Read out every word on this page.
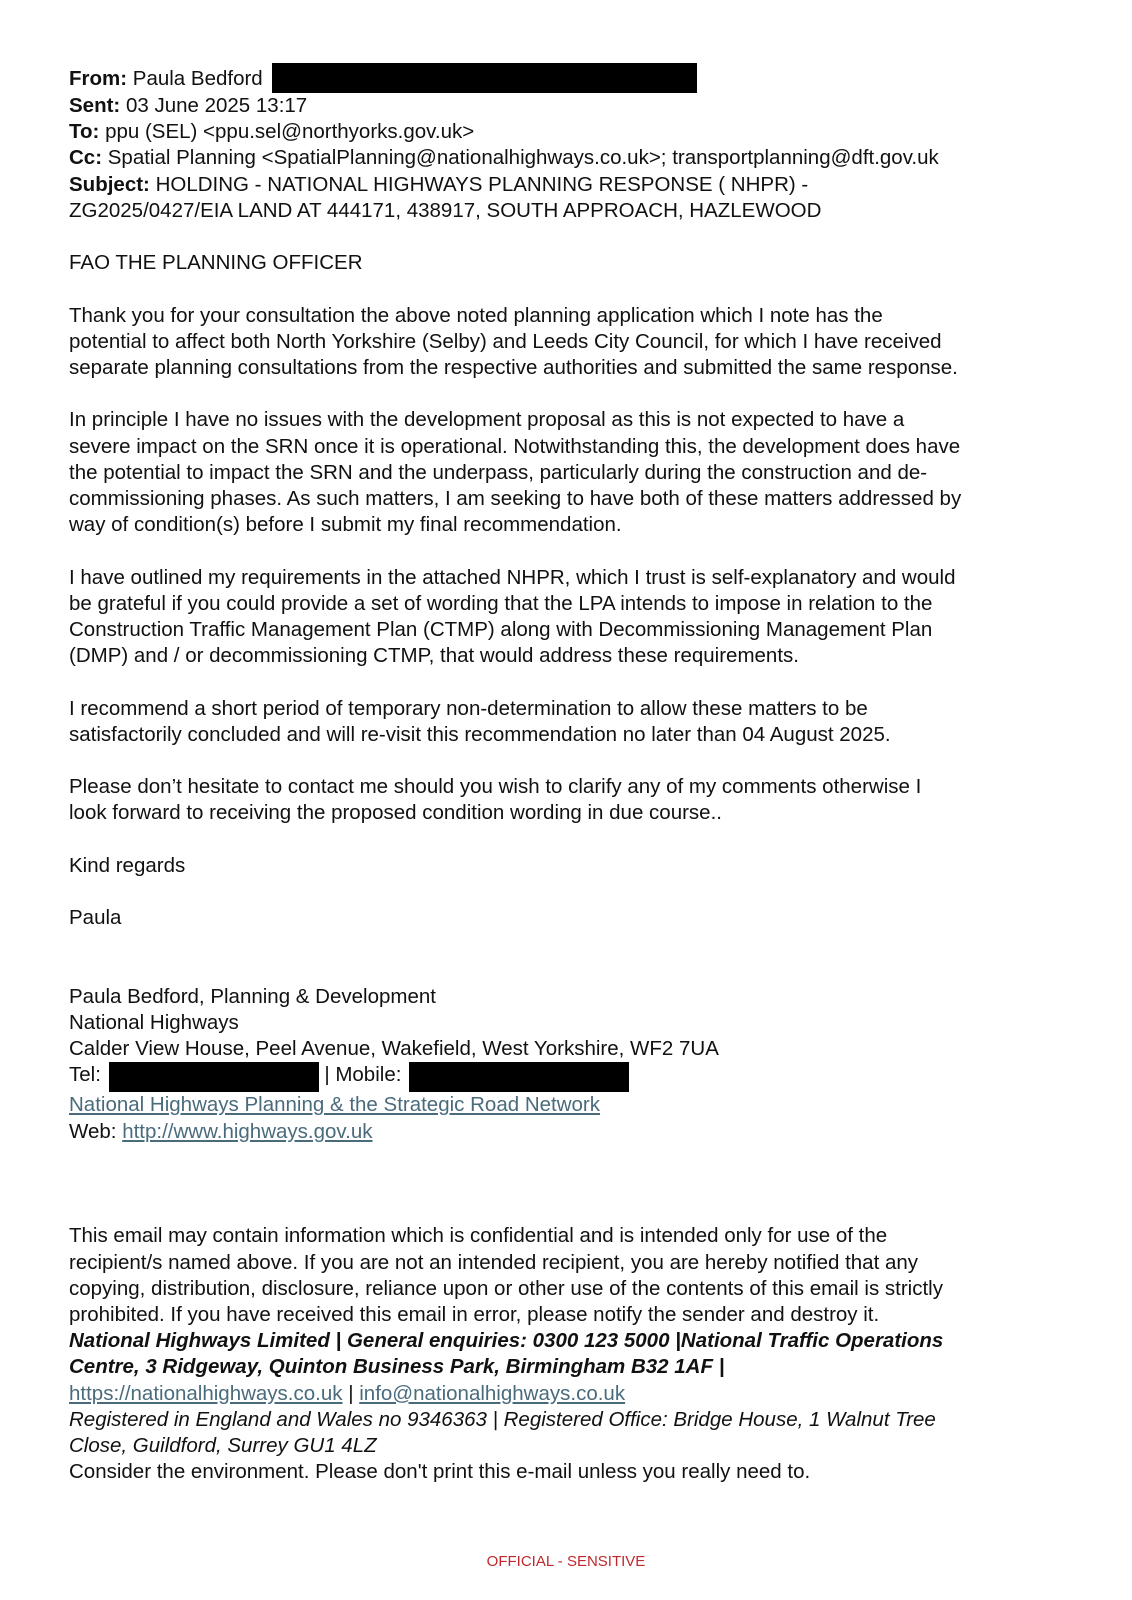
From: Paula Bedford
Sent: 03 June 2025 13:17
To: ppu (SEL) <ppu.sel@northyorks.gov.uk>
Cc: Spatial Planning <SpatialPlanning@nationalhighways.co.uk>; transportplanning@dft.gov.uk
Subject: HOLDING - NATIONAL HIGHWAYS PLANNING RESPONSE ( NHPR) -
ZG2025/0427/EIA LAND AT 444171, 438917, SOUTH APPROACH, HAZLEWOOD
FAO THE PLANNING OFFICER
Thank you for your consultation the above noted planning application which I note has the
potential to affect both North Yorkshire (Selby) and Leeds City Council, for which I have received
separate planning consultations from the respective authorities and submitted the same response.
In principle I have no issues with the development proposal as this is not expected to have a
severe impact on the SRN once it is operational. Notwithstanding this, the development does have
the potential to impact the SRN and the underpass, particularly during the construction and de-
commissioning phases. As such matters, I am seeking to have both of these matters addressed by
way of condition(s) before I submit my final recommendation.
I have outlined my requirements in the attached NHPR, which I trust is self-explanatory and would
be grateful if you could provide a set of wording that the LPA intends to impose in relation to the
Construction Traffic Management Plan (CTMP) along with Decommissioning Management Plan
(DMP) and / or decommissioning CTMP, that would address these requirements.
I recommend a short period of temporary non-determination to allow these matters to be
satisfactorily concluded and will re-visit this recommendation no later than 04 August 2025.
Please don’t hesitate to contact me should you wish to clarify any of my comments otherwise I
look forward to receiving the proposed condition wording in due course..
Kind regards
Paula
Paula Bedford, Planning & Development
National Highways
Calder View House, Peel Avenue, Wakefield, West Yorkshire, WF2 7UA
Tel:	| Mobile:
National Highways Planning & the Strategic Road Network
Web: http://www.highways.gov.uk
This email may contain information which is confidential and is intended only for use of the
recipient/s named above. If you are not an intended recipient, you are hereby notified that any
copying, distribution, disclosure, reliance upon or other use of the contents of this email is strictly
prohibited. If you have received this email in error, please notify the sender and destroy it.
National Highways Limited | General enquiries: 0300 123 5000 |National Traffic Operations
Centre, 3 Ridgeway, Quinton Business Park, Birmingham B32 1AF |
https://nationalhighways.co.uk | info@nationalhighways.co.uk
Registered in England and Wales no 9346363 | Registered Office: Bridge House, 1 Walnut Tree
Close, Guildford, Surrey GU1 4LZ
Consider the environment. Please don't print this e-mail unless you really need to.
OFFICIAL - SENSITIVE
